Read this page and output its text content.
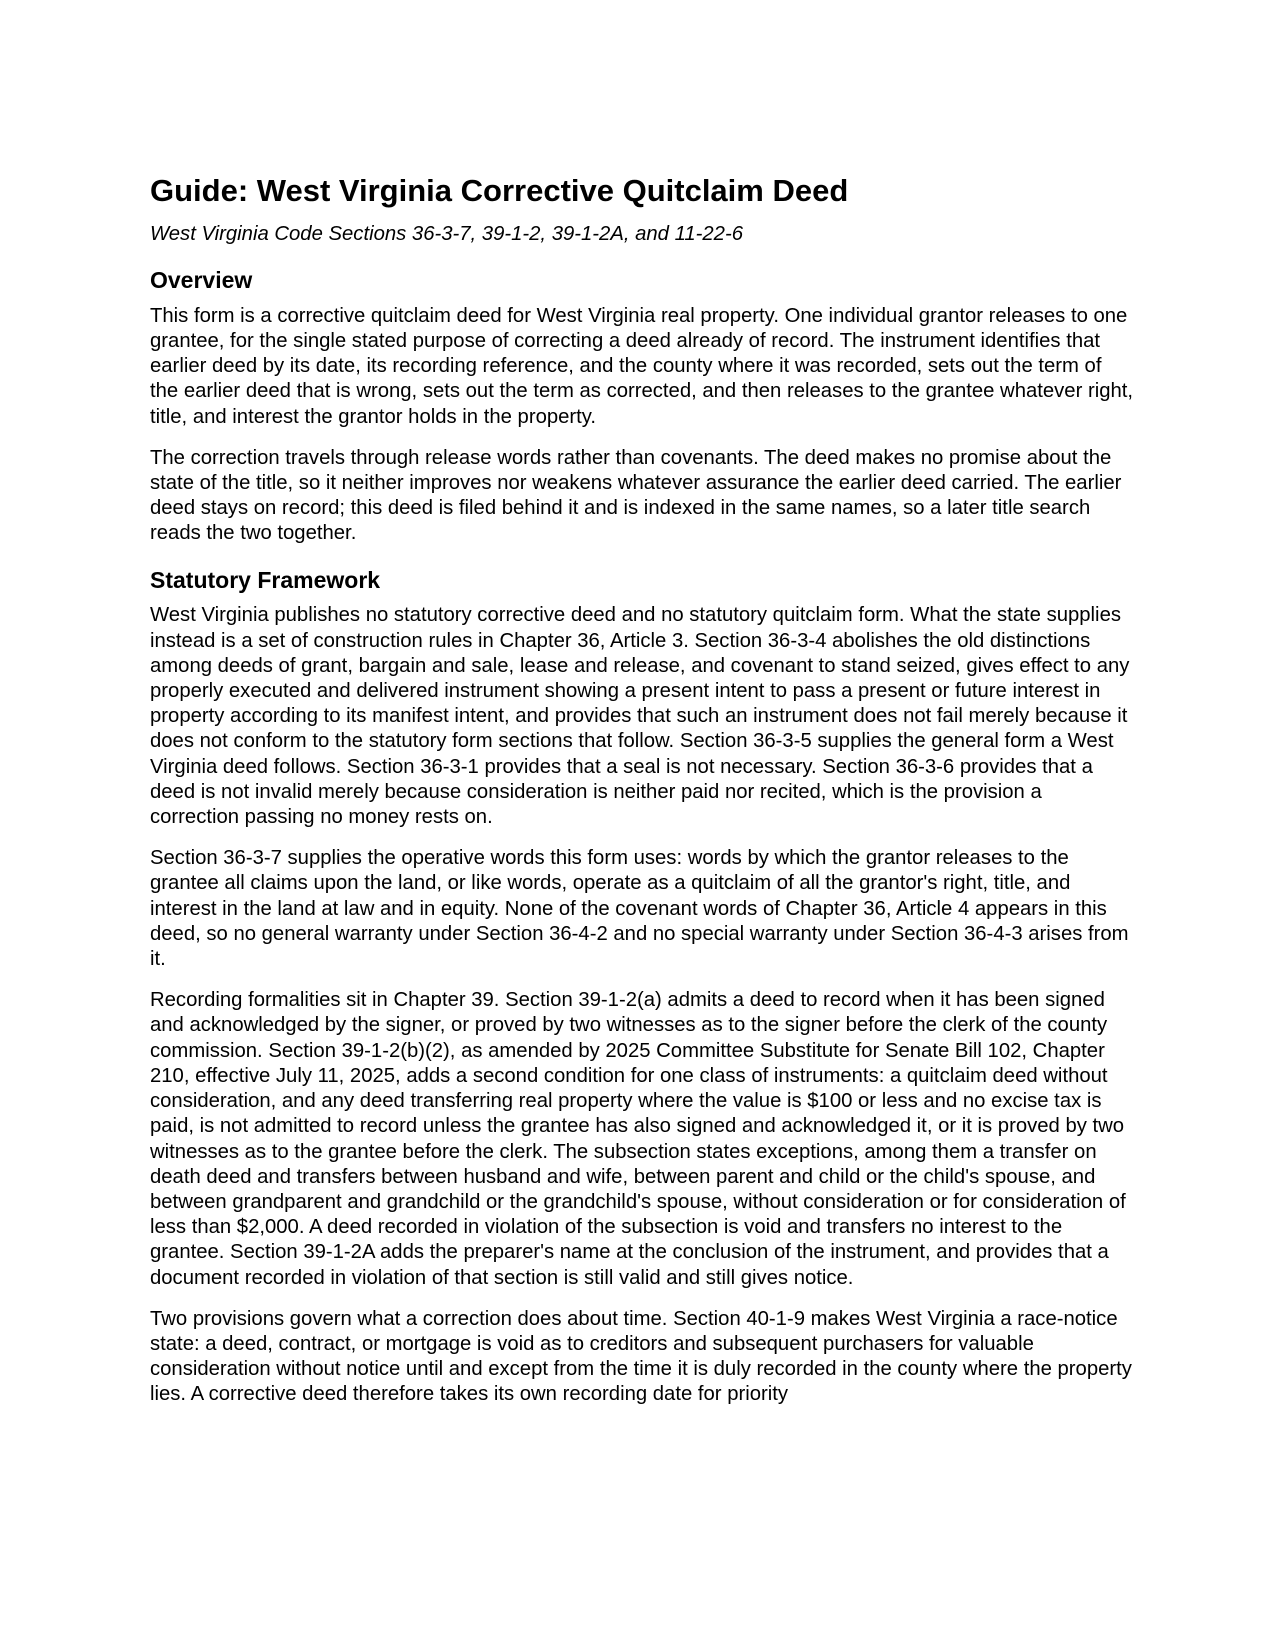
Guide: West Virginia Corrective Quitclaim Deed
West Virginia Code Sections 36-3-7, 39-1-2, 39-1-2A, and 11-22-6
Overview

This form is a corrective quitclaim deed for West Virginia real property. One individual grantor releases to one grantee, for the single stated purpose of correcting a deed already of record. The instrument identifies that earlier deed by its date, its recording reference, and the county where it was recorded, sets out the term of the earlier deed that is wrong, sets out the term as corrected, and then releases to the grantee whatever right, title, and interest the grantor holds in the property.

The correction travels through release words rather than covenants. The deed makes no promise about the state of the title, so it neither improves nor weakens whatever assurance the earlier deed carried. The earlier deed stays on record; this deed is filed behind it and is indexed in the same names, so a later title search reads the two together.

Statutory Framework

West Virginia publishes no statutory corrective deed and no statutory quitclaim form. What the state supplies instead is a set of construction rules in Chapter 36, Article 3. Section 36-3-4 abolishes the old distinctions among deeds of grant, bargain and sale, lease and release, and covenant to stand seized, gives effect to any properly executed and delivered instrument showing a present intent to pass a present or future interest in property according to its manifest intent, and provides that such an instrument does not fail merely because it does not conform to the statutory form sections that follow. Section 36-3-5 supplies the general form a West Virginia deed follows. Section 36-3-1 provides that a seal is not necessary. Section 36-3-6 provides that a deed is not invalid merely because consideration is neither paid nor recited, which is the provision a correction passing no money rests on.

Section 36-3-7 supplies the operative words this form uses: words by which the grantor releases to the grantee all claims upon the land, or like words, operate as a quitclaim of all the grantor's right, title, and interest in the land at law and in equity. None of the covenant words of Chapter 36, Article 4 appears in this deed, so no general warranty under Section 36-4-2 and no special warranty under Section 36-4-3 arises from it.

Recording formalities sit in Chapter 39. Section 39-1-2(a) admits a deed to record when it has been signed and acknowledged by the signer, or proved by two witnesses as to the signer before the clerk of the county commission. Section 39-1-2(b)(2), as amended by 2025 Committee Substitute for Senate Bill 102, Chapter 210, effective July 11, 2025, adds a second condition for one class of instruments: a quitclaim deed without consideration, and any deed transferring real property where the value is $100 or less and no excise tax is paid, is not admitted to record unless the grantee has also signed and acknowledged it, or it is proved by two witnesses as to the grantee before the clerk. The subsection states exceptions, among them a transfer on death deed and transfers between husband and wife, between parent and child or the child's spouse, and between grandparent and grandchild or the grandchild's spouse, without consideration or for consideration of less than $2,000. A deed recorded in violation of the subsection is void and transfers no interest to the grantee. Section 39-1-2A adds the preparer's name at the conclusion of the instrument, and provides that a document recorded in violation of that section is still valid and still gives notice.

Two provisions govern what a correction does about time. Section 40-1-9 makes West Virginia a race-notice state: a deed, contract, or mortgage is void as to creditors and subsequent purchasers for valuable consideration without notice until and except from the time it is duly recorded in the county where the property lies. A corrective deed therefore takes its own recording date for priority
